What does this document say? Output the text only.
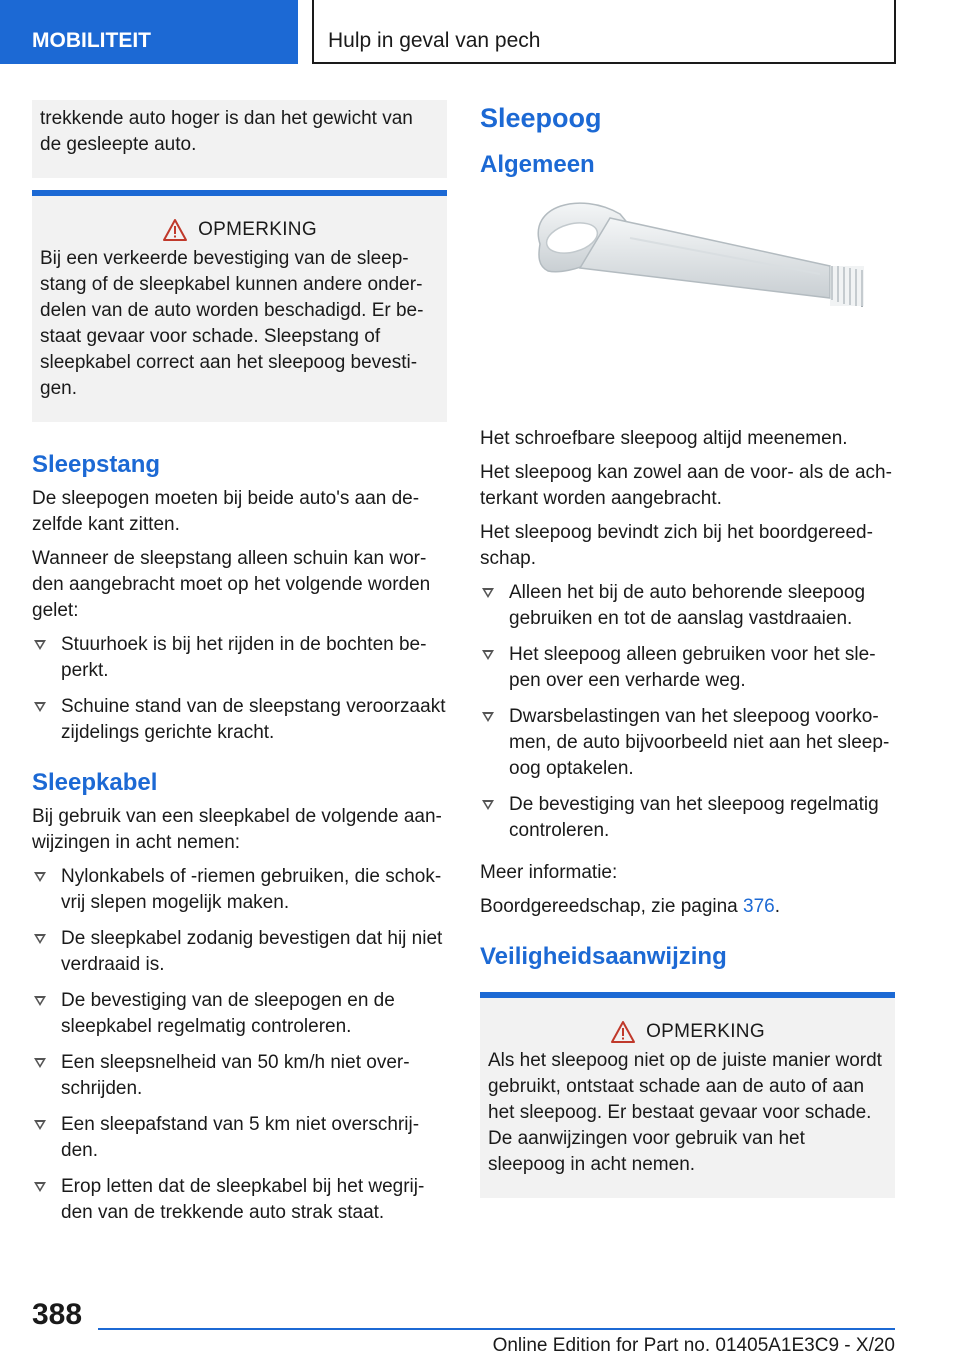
MOBILITEIT	Hulp in geval van pech

trekkende auto hoger is dan het gewicht van de gesleepte auto.

OPMERKING

Bij een verkeerde bevestiging van de sleepstang of de sleepkabel kunnen andere onderdelen van de auto worden beschadigd. Er bestaat gevaar voor schade. Sleepstang of sleepkabel correct aan het sleepoog bevestigen.

Sleepstang

De sleepogen moeten bij beide auto's aan dezelfde kant zitten.

Wanneer de sleepstang alleen schuin kan worden aangebracht moet op het volgende worden gelet:

Stuurhoek is bij het rijden in de bochten beperkt.
Schuine stand van de sleepstang veroorzaakt zijdelings gerichte kracht.
Sleepkabel

Bij gebruik van een sleepkabel de volgende aanwijzingen in acht nemen:

Nylonkabels of -riemen gebruiken, die schokvrij slepen mogelijk maken.
De sleepkabel zodanig bevestigen dat hij niet verdraaid is.
De bevestiging van de sleepogen en de sleepkabel regelmatig controleren.
Een sleepsnelheid van 50 km/h niet overschrijden.
Een sleepafstand van 5 km niet overschrijden.
Erop letten dat de sleepkabel bij het wegrijden van de trekkende auto strak staat.
Sleepoog
Algemeen

Het schroefbare sleepoog altijd meenemen.

Het sleepoog kan zowel aan de voor- als de achterkant worden aangebracht.

Het sleepoog bevindt zich bij het boordgereedschap.

Alleen het bij de auto behorende sleepoog gebruiken en tot de aanslag vastdraaien.
Het sleepoog alleen gebruiken voor het slepen over een verharde weg.
Dwarsbelastingen van het sleepoog voorkomen, de auto bijvoorbeeld niet aan het sleepoog optakelen.
De bevestiging van het sleepoog regelmatig controleren.

Meer informatie:

Boordgereedschap, zie pagina 376.

Veiligheidsaanwijzing
OPMERKING

Als het sleepoog niet op de juiste manier wordt gebruikt, ontstaat schade aan de auto of aan het sleepoog. Er bestaat gevaar voor schade. De aanwijzingen voor gebruik van het sleepoog in acht nemen.

388
Online Edition for Part no. 01405A1E3C9 - X/20
